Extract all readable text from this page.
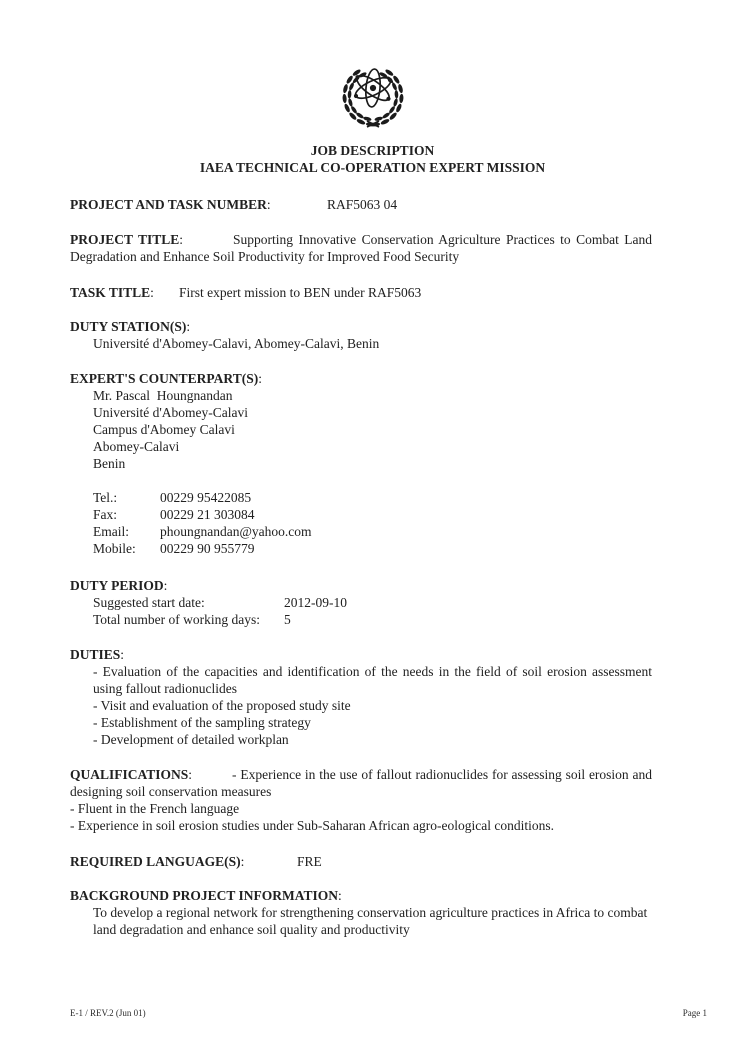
JOB DESCRIPTION
IAEA TECHNICAL CO-OPERATION EXPERT MISSION

PROJECT AND TASK NUMBER:	RAF5063 04

PROJECT TITLE:	Supporting Innovative Conservation Agriculture Practices to Combat Land Degradation and Enhance Soil Productivity for Improved Food Security

TASK TITLE: First expert mission to BEN under RAF5063

DUTY STATION(S):

Université d'Abomey-Calavi, Abomey-Calavi, Benin

EXPERT'S COUNTERPART(S):

Mr. Pascal  Houngnandan

Université d'Abomey-Calavi

Campus d'Abomey Calavi

Abomey-Calavi

Benin

Tel.:	00229 95422085

Fax:	00229 21 303084

Email: phoungnandan@yahoo.com

Mobile: 00229 90 955779

DUTY PERIOD:

Suggested start date:	2012-09-10

Total number of working days: 5

DUTIES:

- Evaluation of the capacities and identification of the needs in the field of soil erosion assessment using fallout radionuclides

- Visit and evaluation of the proposed study site

- Establishment of the sampling strategy

- Development of detailed workplan

QUALIFICATIONS:	- Experience in the use of fallout radionuclides for assessing soil erosion and designing soil conservation measures

- Fluent in the French language

- Experience in soil erosion studies under Sub-Saharan African agro-eological conditions.

REQUIRED LANGUAGE(S):	FRE

BACKGROUND PROJECT INFORMATION:

To develop a regional network for strengthening conservation agriculture practices in Africa to combat land degradation and enhance soil quality and productivity

E-1 / REV.2 (Jun 01)	Page 1
